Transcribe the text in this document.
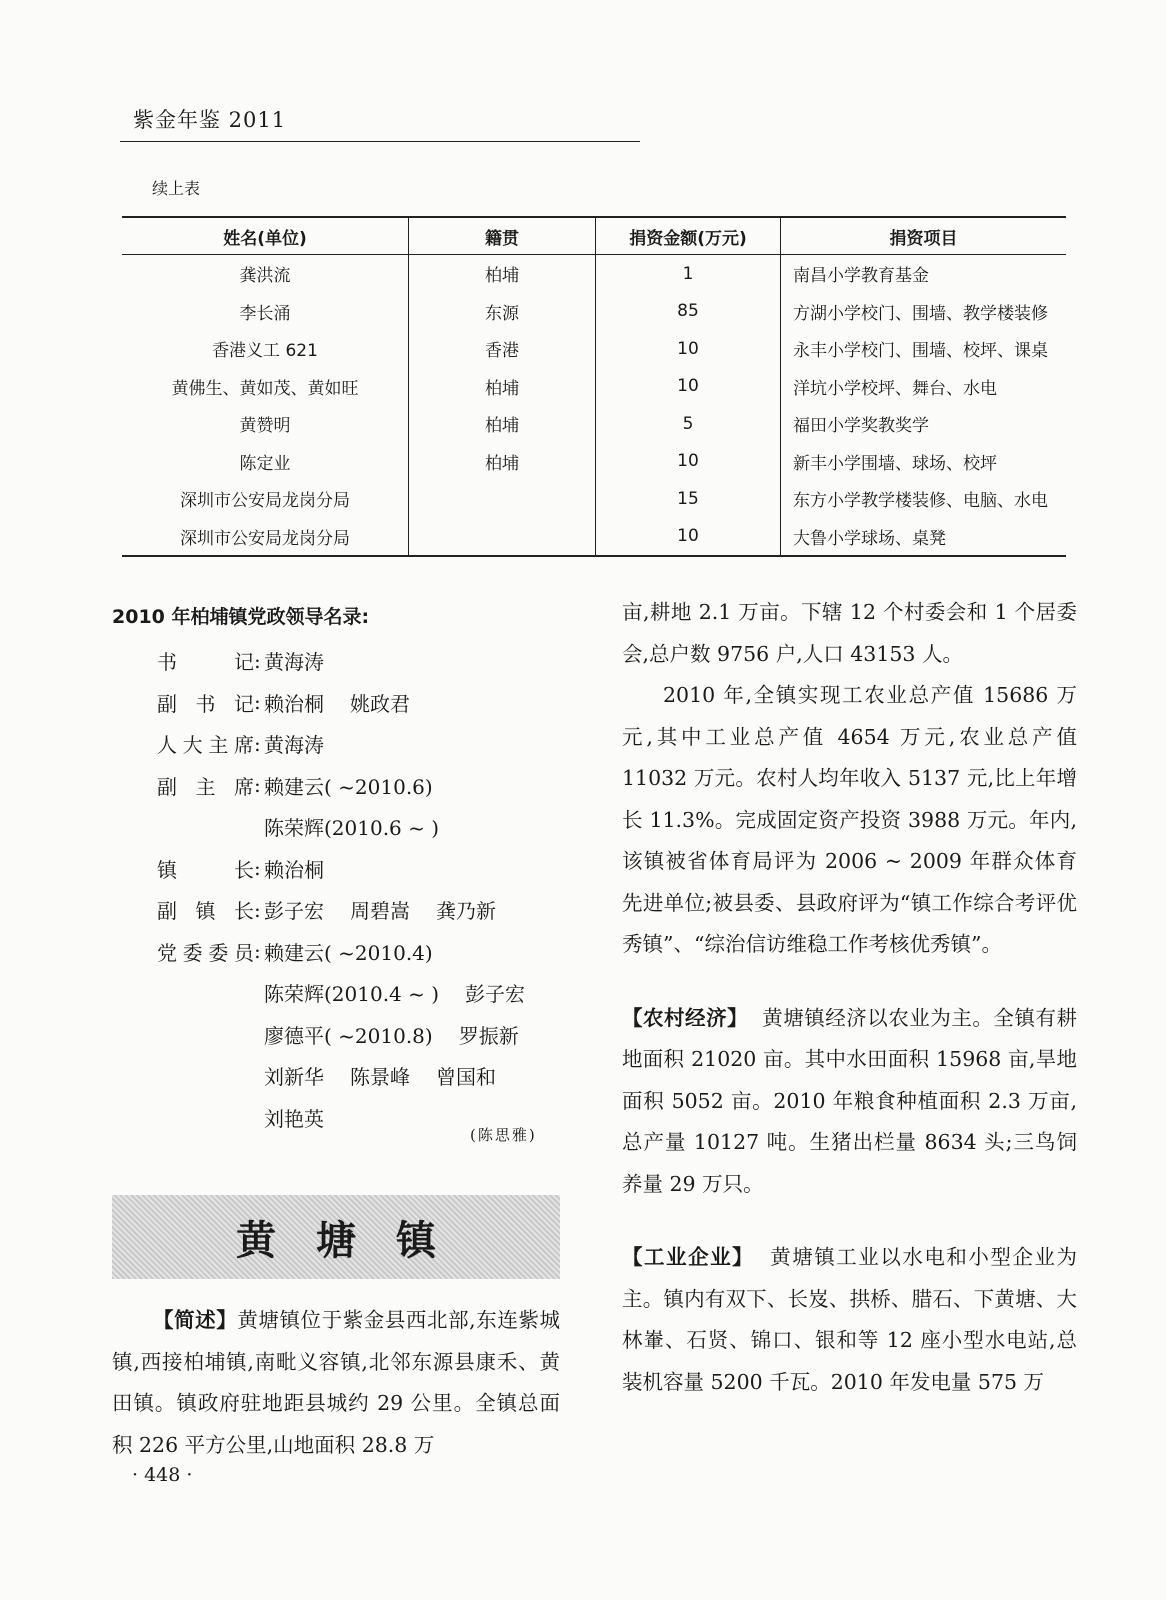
紫金年鉴 2011
续上表
姓名(单位)	籍贯	捐资金额(万元)	捐资项目
龚洪流	柏埔	1	南昌小学教育基金
李长涌	东源	85	方湖小学校门、围墙、教学楼装修
香港义工 621	香港	10	永丰小学校门、围墙、校坪、课桌
黄佛生、黄如茂、黄如旺	柏埔	10	洋坑小学校坪、舞台、水电
黄赞明	柏埔	5	福田小学奖教奖学
陈定业	柏埔	10	新丰小学围墙、球场、校坪
深圳市公安局龙岗分局		15	东方小学教学楼装修、电脑、水电
深圳市公安局龙岗分局		10	大鲁小学球场、桌凳
2010 年柏埔镇党政领导名录:
书	记 : 黄海涛
副 书 记 : 赖治桐 姚政君
人 大 主 席 : 黄海涛
副 主 席 : 赖建云( ~2010.6)
陈荣辉(2010.6 ~ )
镇	长 : 赖治桐
副 镇 长 : 彭子宏 周碧嵩 龚乃新
党 委 委 员 : 赖建云( ~2010.4)
陈荣辉(2010.4 ~ ) 彭子宏
廖德平( ~2010.8) 罗振新
刘新华 陈景峰 曾国和
刘艳英
(陈思雅)
黄塘镇

【简述】黄塘镇位于紫金县西北部,东连紫城镇,西接柏埔镇,南毗义容镇,北邻东源县康禾、黄田镇。镇政府驻地距县城约 29 公里。全镇总面积 226 平方公里,山地面积 28.8 万

亩,耕地 2.1 万亩。下辖 12 个村委会和 1 个居委会,总户数 9756 户,人口 43153 人。

2010 年,全镇实现工农业总产值 15686 万元,其中工业总产值 4654 万元,农业总产值 11032 万元。农村人均年收入 5137 元,比上年增长 11.3%。完成固定资产投资 3988 万元。年内,该镇被省体育局评为 2006 ~ 2009 年群众体育先进单位;被县委、县政府评为“镇工作综合考评优秀镇”、“综治信访维稳工作考核优秀镇”。

【农村经济】 黄塘镇经济以农业为主。全镇有耕地面积 21020 亩。其中水田面积 15968 亩,旱地面积 5052 亩。2010 年粮食种植面积 2.3 万亩,总产量 10127 吨。生猪出栏量 8634 头;三鸟饲养量 29 万只。

【工业企业】 黄塘镇工业以水电和小型企业为主。镇内有双下、长岌、拱桥、腊石、下黄塘、大林輋、石贤、锦口、银和等 12 座小型水电站,总装机容量 5200 千瓦。2010 年发电量 575 万

· 448 ·
